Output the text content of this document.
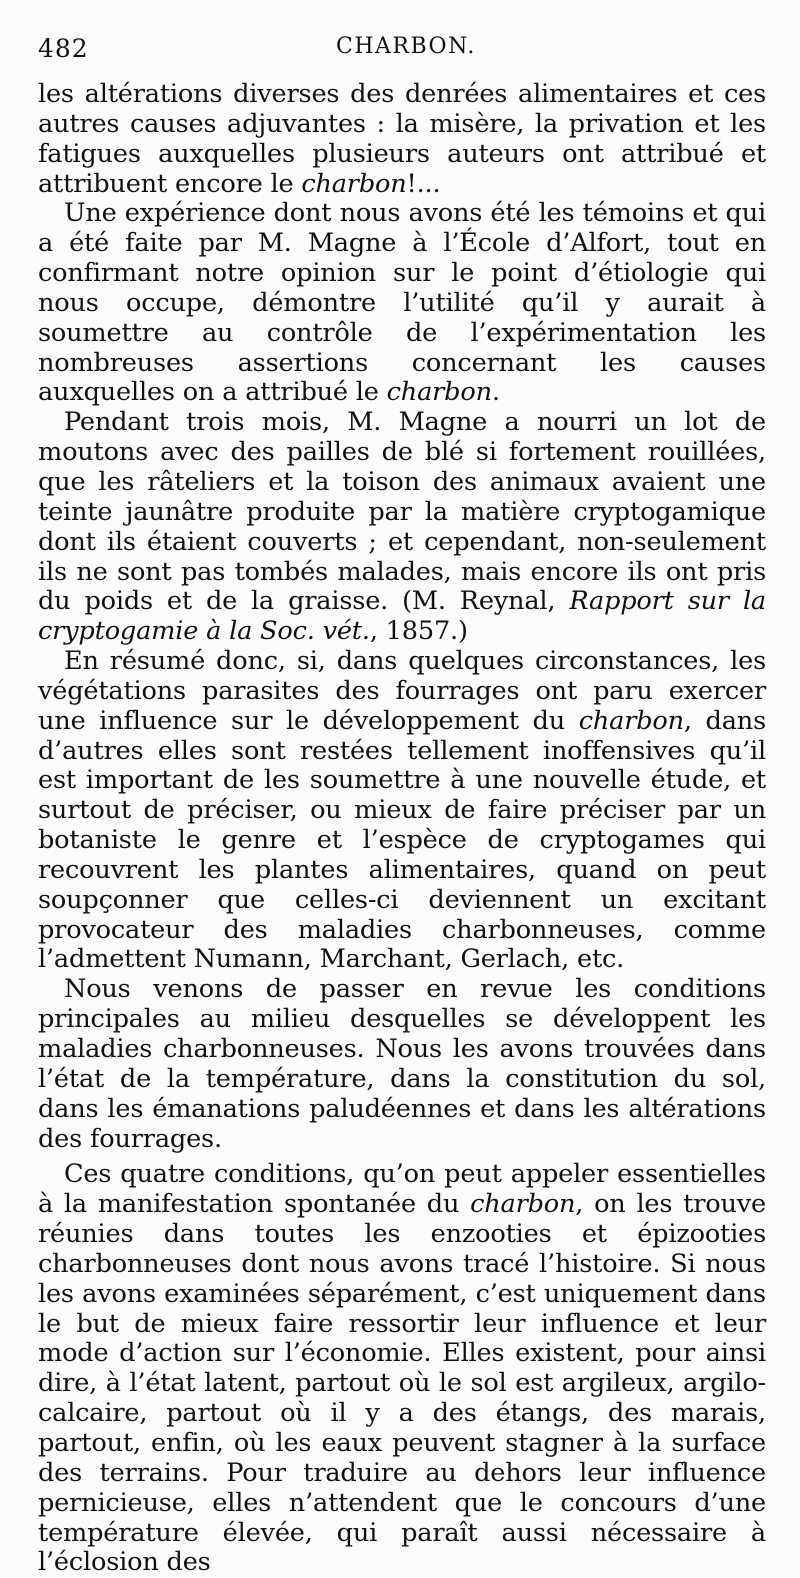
482	CHARBON.

les altérations diverses des denrées alimentaires et ces autres causes adjuvantes : la misère, la privation et les fatigues auxquelles plusieurs auteurs ont attribué et attribuent encore le charbon!...

Une expérience dont nous avons été les témoins et qui a été faite par M. Magne à l’École d’Alfort, tout en confirmant notre opinion sur le point d’étiologie qui nous occupe, démontre l’utilité qu’il y aurait à soumettre au contrôle de l’expérimentation les nombreuses assertions concernant les causes auxquelles on a attribué le charbon.

Pendant trois mois, M. Magne a nourri un lot de moutons avec des pailles de blé si fortement rouillées, que les râteliers et la toison des animaux avaient une teinte jaunâtre produite par la matière cryptogamique dont ils étaient couverts ; et cependant, non-seulement ils ne sont pas tombés malades, mais encore ils ont pris du poids et de la graisse. (M. Reynal, Rapport sur la cryptogamie à la Soc. vét., 1857.)

En résumé donc, si, dans quelques circonstances, les végétations parasites des fourrages ont paru exercer une influence sur le développement du charbon, dans d’autres elles sont restées tellement inoffensives qu’il est important de les soumettre à une nouvelle étude, et surtout de préciser, ou mieux de faire préciser par un botaniste le genre et l’espèce de cryptogames qui recouvrent les plantes alimentaires, quand on peut soupçonner que celles-ci deviennent un excitant provocateur des maladies charbonneuses, comme l’admettent Numann, Marchant, Gerlach, etc.

Nous venons de passer en revue les conditions principales au milieu desquelles se développent les maladies charbonneuses. Nous les avons trouvées dans l’état de la température, dans la constitution du sol, dans les émanations paludéennes et dans les altérations des fourrages.

Ces quatre conditions, qu’on peut appeler essentielles à la manifestation spontanée du charbon, on les trouve réunies dans toutes les enzooties et épizooties charbonneuses dont nous avons tracé l’histoire. Si nous les avons examinées séparément, c’est uniquement dans le but de mieux faire ressortir leur influence et leur mode d’action sur l’économie. Elles existent, pour ainsi dire, à l’état latent, partout où le sol est argileux, argilo-calcaire, partout où il y a des étangs, des marais, partout, enfin, où les eaux peuvent stagner à la surface des terrains. Pour traduire au dehors leur influence pernicieuse, elles n’attendent que le concours d’une température élevée, qui paraît aussi nécessaire à l’éclosion des
